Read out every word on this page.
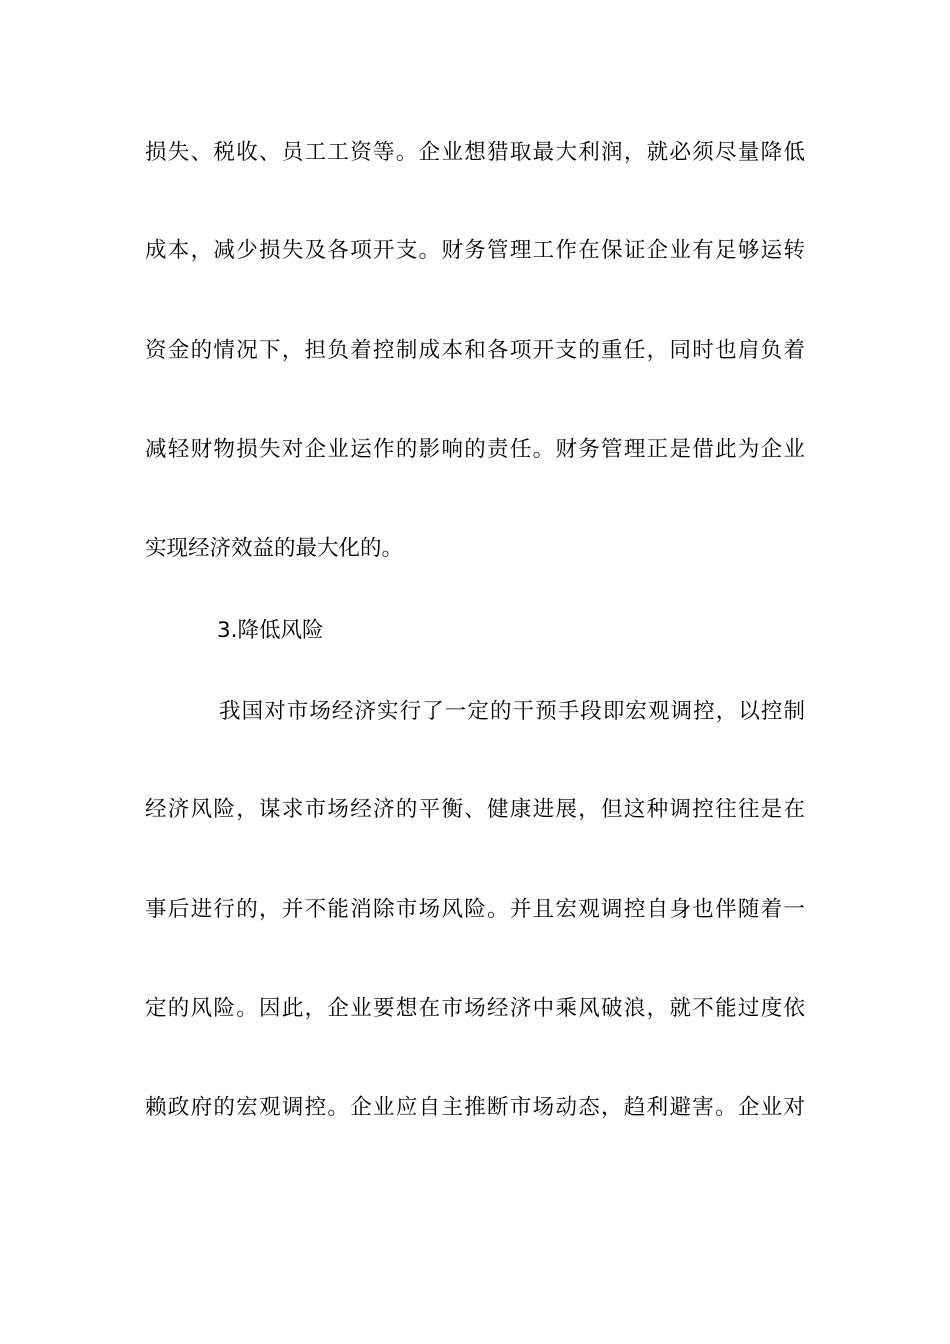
损失、税收、员工工资等。企业想猎取最大利润，就必须尽量降低
成本，减少损失及各项开支。财务管理工作在保证企业有足够运转
资金的情况下，担负着控制成本和各项开支的重任，同时也肩负着
减轻财物损失对企业运作的影响的责任。财务管理正是借此为企业
实现经济效益的最大化的。
3.降低风险
我国对市场经济实行了一定的干预手段即宏观调控，以控制
经济风险，谋求市场经济的平衡、健康进展，但这种调控往往是在
事后进行的，并不能消除市场风险。并且宏观调控自身也伴随着一
定的风险。因此，企业要想在市场经济中乘风破浪，就不能过度依
赖政府的宏观调控。企业应自主推断市场动态，趋利避害。企业对
